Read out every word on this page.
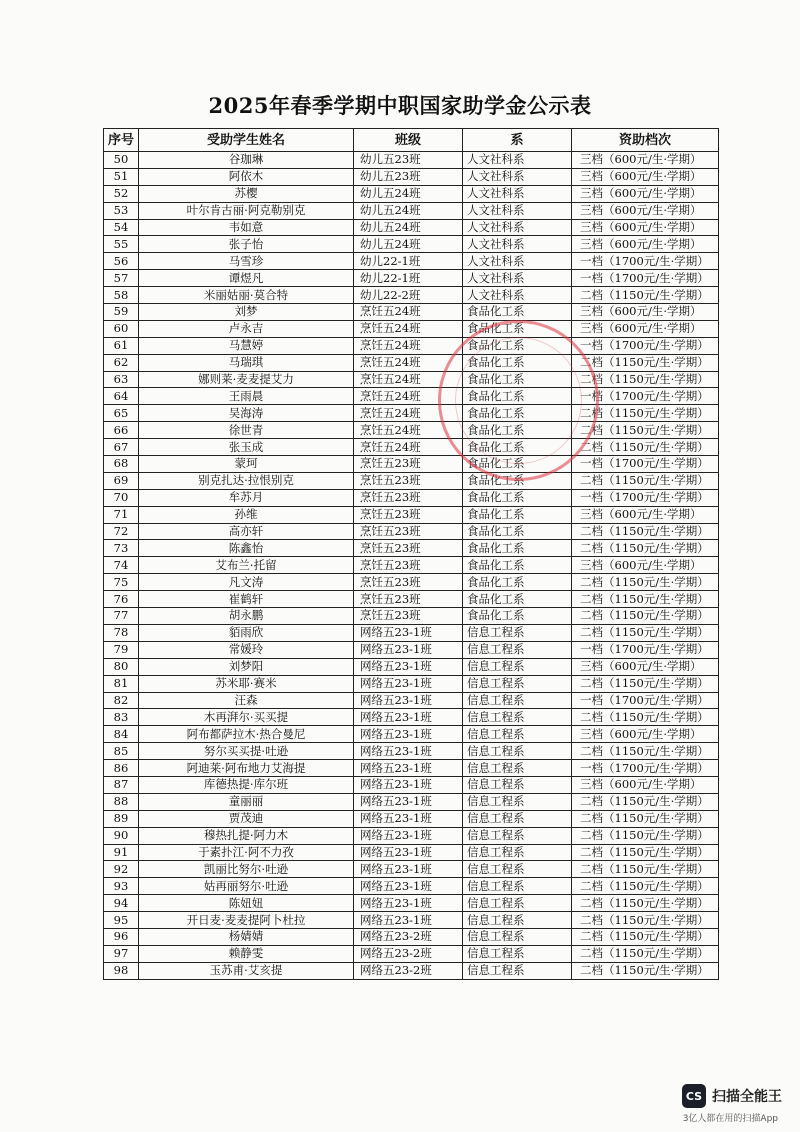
2025年春季学期中职国家助学金公示表
序号	受助学生姓名	班级	系	资助档次
50	谷珈琳	幼儿五23班	人文社科系	三档（600元/生·学期）
51	阿依木	幼儿五23班	人文社科系	三档（600元/生·学期）
52	苏樱	幼儿五24班	人文社科系	三档（600元/生·学期）
53	叶尔肯古丽·阿克勒别克	幼儿五24班	人文社科系	三档（600元/生·学期）
54	韦如意	幼儿五24班	人文社科系	三档（600元/生·学期）
55	张子怡	幼儿五24班	人文社科系	三档（600元/生·学期）
56	马雪珍	幼儿22-1班	人文社科系	一档（1700元/生·学期）
57	谭煜凡	幼儿22-1班	人文社科系	一档（1700元/生·学期）
58	米丽姑丽·莫合特	幼儿22-2班	人文社科系	二档（1150元/生·学期）
59	刘梦	烹饪五24班	食品化工系	三档（600元/生·学期）
60	卢永吉	烹饪五24班	食品化工系	三档（600元/生·学期）
61	马慧婷	烹饪五24班	食品化工系	一档（1700元/生·学期）
62	马瑞琪	烹饪五24班	食品化工系	二档（1150元/生·学期）
63	娜则莱·麦麦提艾力	烹饪五24班	食品化工系	二档（1150元/生·学期）
64	王雨晨	烹饪五24班	食品化工系	一档（1700元/生·学期）
65	吴海涛	烹饪五24班	食品化工系	二档（1150元/生·学期）
66	徐世青	烹饪五24班	食品化工系	二档（1150元/生·学期）
67	张玉成	烹饪五24班	食品化工系	二档（1150元/生·学期）
68	蒙珂	烹饪五23班	食品化工系	一档（1700元/生·学期）
69	别克扎达·拉恨别克	烹饪五23班	食品化工系	二档（1150元/生·学期）
70	牟苏月	烹饪五23班	食品化工系	一档（1700元/生·学期）
71	孙维	烹饪五23班	食品化工系	三档（600元/生·学期）
72	高亦轩	烹饪五23班	食品化工系	二档（1150元/生·学期）
73	陈鑫怡	烹饪五23班	食品化工系	二档（1150元/生·学期）
74	艾布兰·托留	烹饪五23班	食品化工系	三档（600元/生·学期）
75	凡文涛	烹饪五23班	食品化工系	二档（1150元/生·学期）
76	崔鹤轩	烹饪五23班	食品化工系	二档（1150元/生·学期）
77	胡永鹏	烹饪五23班	食品化工系	二档（1150元/生·学期）
78	貊雨欣	网络五23-1班	信息工程系	二档（1150元/生·学期）
79	常媛玲	网络五23-1班	信息工程系	一档（1700元/生·学期）
80	刘梦阳	网络五23-1班	信息工程系	三档（600元/生·学期）
81	苏米耶·赛米	网络五23-1班	信息工程系	二档（1150元/生·学期）
82	汪森	网络五23-1班	信息工程系	一档（1700元/生·学期）
83	木再湃尔·买买提	网络五23-1班	信息工程系	二档（1150元/生·学期）
84	阿布都萨拉木·热合曼尼	网络五23-1班	信息工程系	三档（600元/生·学期）
85	努尔买买提·吐逊	网络五23-1班	信息工程系	二档（1150元/生·学期）
86	阿迪莱·阿布地力艾海提	网络五23-1班	信息工程系	一档（1700元/生·学期）
87	库德热提·库尔班	网络五23-1班	信息工程系	三档（600元/生·学期）
88	童丽丽	网络五23-1班	信息工程系	二档（1150元/生·学期）
89	贾茂迪	网络五23-1班	信息工程系	二档（1150元/生·学期）
90	穆热扎提·阿力木	网络五23-1班	信息工程系	二档（1150元/生·学期）
91	于素扑江·阿不力孜	网络五23-1班	信息工程系	二档（1150元/生·学期）
92	凯丽比努尔·吐逊	网络五23-1班	信息工程系	二档（1150元/生·学期）
93	姑再丽努尔·吐逊	网络五23-1班	信息工程系	二档（1150元/生·学期）
94	陈妞妞	网络五23-1班	信息工程系	二档（1150元/生·学期）
95	开日麦·麦麦提阿卜杜拉	网络五23-1班	信息工程系	二档（1150元/生·学期）
96	杨婧婧	网络五23-2班	信息工程系	二档（1150元/生·学期）
97	赖静雯	网络五23-2班	信息工程系	二档（1150元/生·学期）
98	玉苏甫·艾亥提	网络五23-2班	信息工程系	二档（1150元/生·学期）
CS 扫描全能王
3亿人都在用的扫描App
